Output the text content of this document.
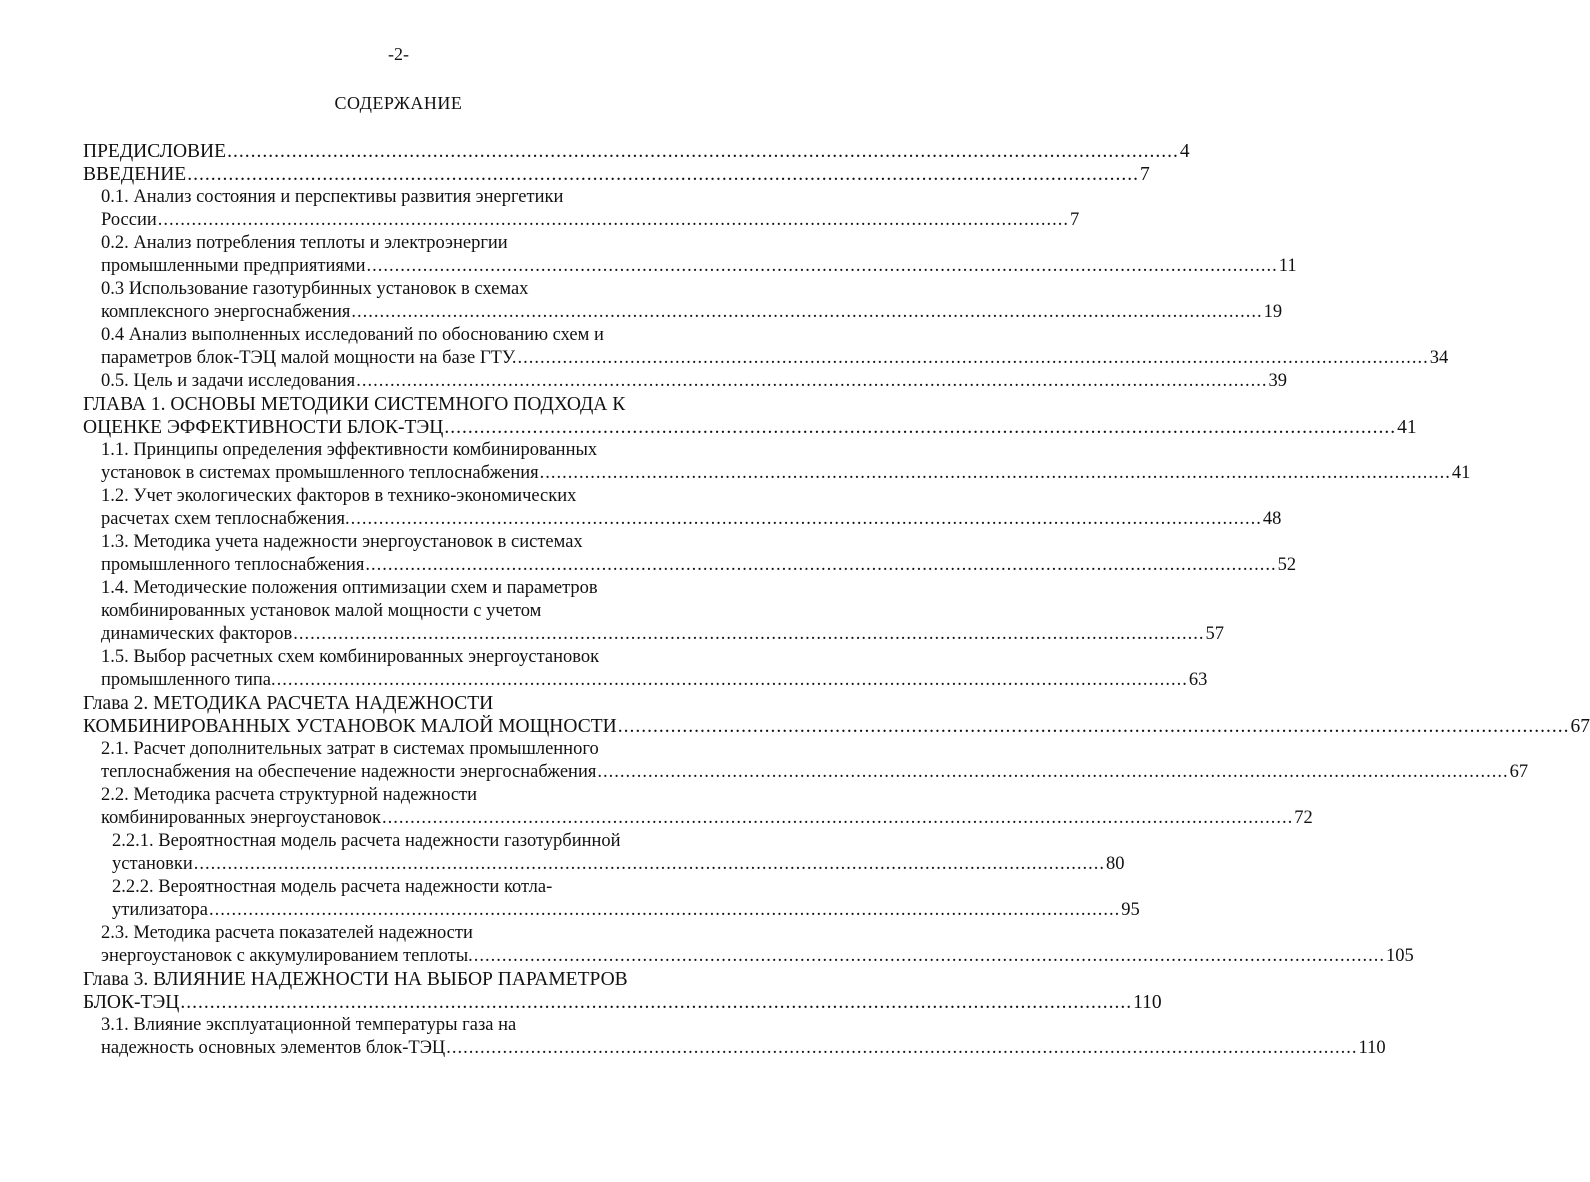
-2-
СОДЕРЖАНИЕ
ПРЕДИСЛОВИЕ .................................................................................................................................................................. 4
ВВЕДЕНИЕ .................................................................................................................................................................. 7
0.1. Анализ состояния и перспективы развития энергетики
России .................................................................................................................................................................. 7
0.2. Анализ потребления теплоты и электроэнергии
промышленными предприятиями .................................................................................................................................................................. 11
0.3 Использование газотурбинных установок в схемах
комплексного энергоснабжения .................................................................................................................................................................. 19
0.4 Анализ выполненных исследований по обоснованию схем и
параметров блок-ТЭЦ малой мощности на базе ГТУ. .................................................................................................................................................................. 34
0.5. Цель и задачи исследования .................................................................................................................................................................. 39
ГЛАВА 1. ОСНОВЫ МЕТОДИКИ СИСТЕМНОГО ПОДХОДА К
ОЦЕНКЕ ЭФФЕКТИВНОСТИ БЛОК-ТЭЦ .................................................................................................................................................................. 41
1.1. Принципы определения эффективности комбинированных
установок в системах промышленного теплоснабжения .................................................................................................................................................................. 41
1.2. Учет экологических факторов в технико-экономических
расчетах схем теплоснабжения. .................................................................................................................................................................. 48
1.3. Методика учета надежности энергоустановок в системах
промышленного теплоснабжения .................................................................................................................................................................. 52
1.4. Методические положения оптимизации схем и параметров
комбинированных установок малой мощности с учетом
динамических факторов .................................................................................................................................................................. 57
1.5. Выбор расчетных схем комбинированных энергоустановок
промышленного типа. .................................................................................................................................................................. 63
Глава 2. МЕТОДИКА РАСЧЕТА НАДЕЖНОСТИ
КОМБИНИРОВАННЫХ УСТАНОВОК МАЛОЙ МОЩНОСТИ .................................................................................................................................................................. 67
2.1. Расчет дополнительных затрат в системах промышленного
теплоснабжения на обеспечение надежности энергоснабжения .................................................................................................................................................................. 67
2.2. Методика расчета структурной надежности
комбинированных энергоустановок .................................................................................................................................................................. 72
2.2.1. Вероятностная модель расчета надежности газотурбинной
установки .................................................................................................................................................................. 80
2.2.2. Вероятностная модель расчета надежности котла-
утилизатора .................................................................................................................................................................. 95
2.3. Методика расчета показателей надежности
энергоустановок с аккумулированием теплоты. .................................................................................................................................................................. 105
Глава 3. ВЛИЯНИЕ НАДЕЖНОСТИ НА ВЫБОР ПАРАМЕТРОВ
БЛОК-ТЭЦ .................................................................................................................................................................. 110
3.1. Влияние эксплуатационной температуры газа на
надежность основных элементов блок-ТЭЦ .................................................................................................................................................................. 110
